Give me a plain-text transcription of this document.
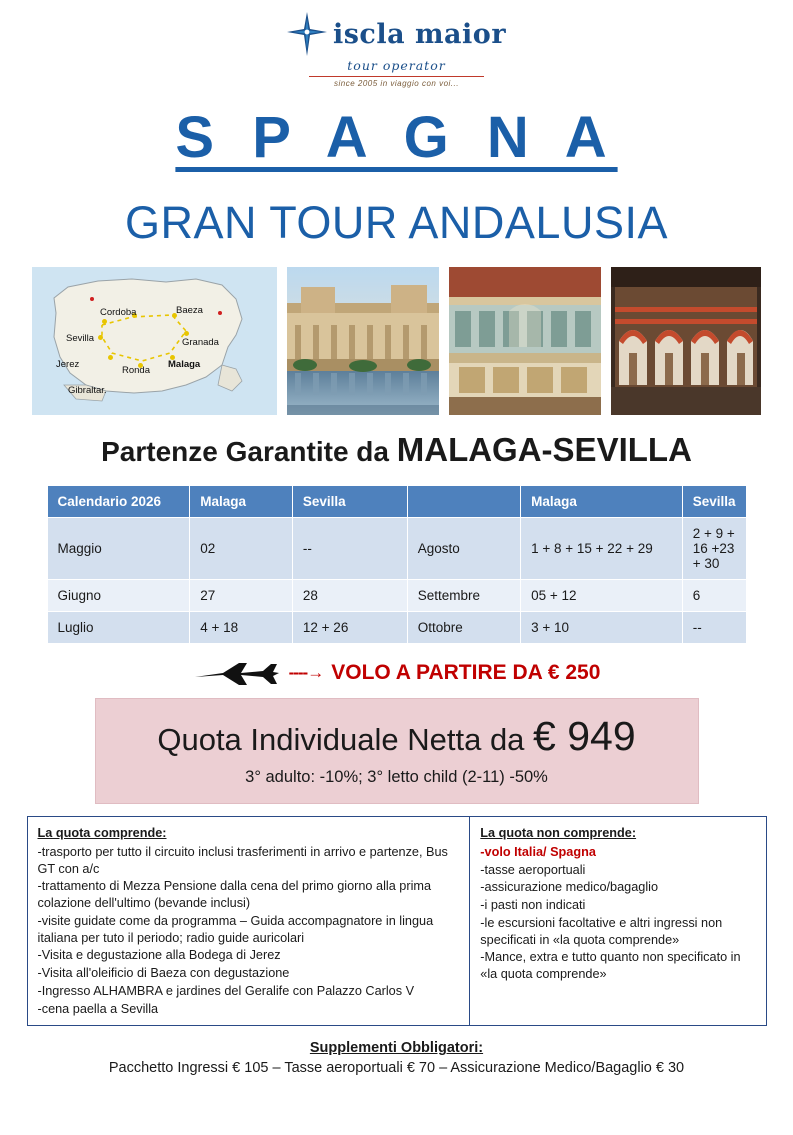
iscla maior
tour operator
since 2005 in viaggio con voi...
S P A G N A
GRAN TOUR ANDALUSIA
Cordoba	Baeza
Sevilla	Granada
Jerez
Ronda
Malaga
Gibraltar.
Partenze Garantite da MALAGA-SEVILLA
Calendario 2026	Malaga	Sevilla		Malaga	Sevilla
Maggio	02	--	Agosto	1 + 8 + 15 + 22 + 29	2 + 9 + 16 +23 + 30
Giugno	27	28	Settembre	05 + 12	6
Luglio	4 + 18	12 + 26	Ottobre	3 + 10	--
----→ VOLO A PARTIRE DA € 250
Quota Individuale Netta da € 949
3° adulto: -10%; 3° letto child (2-11) -50%
La quota comprende:
-trasporto per tutto il circuito inclusi trasferimenti in arrivo e partenze, Bus GT con a/c
-trattamento di Mezza Pensione dalla cena del primo giorno alla prima colazione dell'ultimo (bevande inclusi)
-visite guidate come da programma – Guida accompagnatore in lingua italiana per tuto il periodo; radio guide auricolari
-Visita e degustazione alla Bodega di Jerez
-Visita all'oleificio di Baeza con degustazione
-Ingresso ALHAMBRA e jardines del Geralife con Palazzo Carlos V
-cena paella a Sevilla
La quota non comprende:
-volo Italia/ Spagna
-tasse aeroportuali
-assicurazione medico/bagaglio
-i pasti non indicati
-le escursioni facoltative e altri ingressi non specificati in «la quota comprende»
-Mance, extra e tutto quanto non specificato in «la quota comprende»
Supplementi Obbligatori:
Pacchetto Ingressi € 105 – Tasse aeroportuali € 70 – Assicurazione Medico/Bagaglio € 30
